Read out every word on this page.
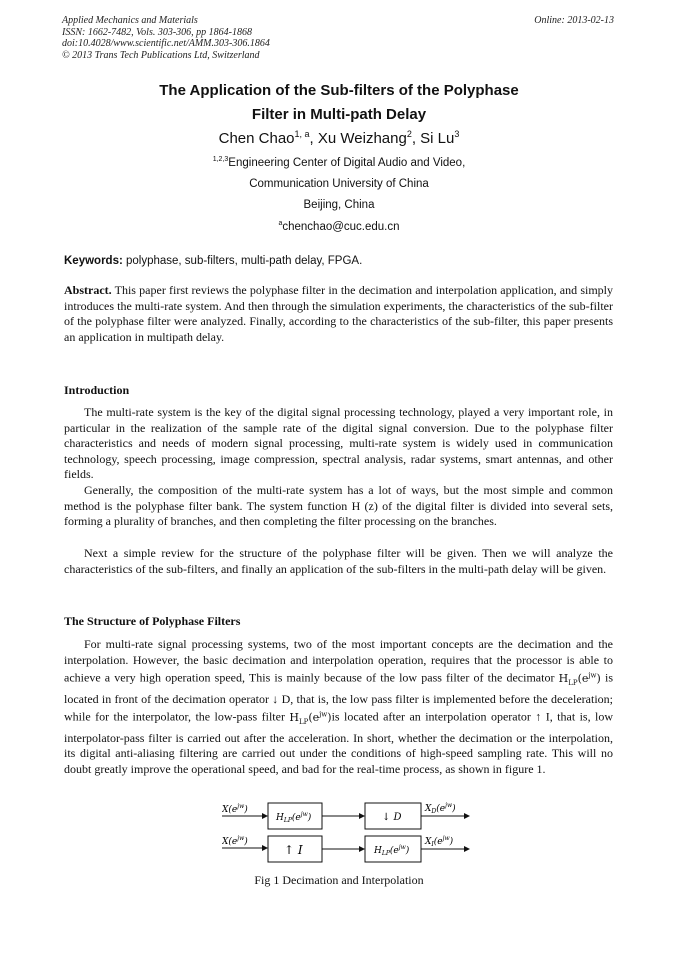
Applied Mechanics and Materials
ISSN: 1662-7482, Vols. 303-306, pp 1864-1868
doi:10.4028/www.scientific.net/AMM.303-306.1864
© 2013 Trans Tech Publications Ltd, Switzerland
Online: 2013-02-13
The Application of the Sub-filters of the Polyphase
Filter in Multi-path Delay
Chen Chao$^{1, a}$, Xu Weizhang$^2$, Si Lu$^3$
$^{1,2,3}$Engineering Center of Digital Audio and Video,
Communication University of China
Beijing, China
$^a$chenchao@cuc.edu.cn
Keywords: polyphase, sub-filters, multi-path delay, FPGA.

Abstract. This paper first reviews the polyphase filter in the decimation and interpolation application, and simply introduces the multi-rate system. And then through the simulation experiments, the characteristics of the sub-filter of the polyphase filter were analyzed. Finally, according to the characteristics of the sub-filter, this paper presents an application in multipath delay.

Introduction

The multi-rate system is the key of the digital signal processing technology, played a very important role, in particular in the realization of the sample rate of the digital signal conversion. Due to the polyphase filter characteristics and needs of modern signal processing, multi-rate system is widely used in communication technology, speech processing, image compression, spectral analysis, radar systems, smart antennas, and other fields.

Generally, the composition of the multi-rate system has a lot of ways, but the most simple and common method is the polyphase filter bank. The system function H (z) of the digital filter is divided into several sets, forming a plurality of branches, and then completing the filter processing on the branches.

Next a simple review for the structure of the polyphase filter will be given. Then we will analyze the characteristics of the sub-filters, and finally an application of the sub-filters in the multi-path delay will be given.

The Structure of Polyphase Filters

For multi-rate signal processing systems, two of the most important concepts are the decimation and the interpolation. However, the basic decimation and interpolation operation, requires that the processor is able to achieve a very high operation speed, This is mainly because of the low pass filter of the decimator $H_{LP}(e^{jw})$ is located in front of the decimation operator ↓ D, that is, the low pass filter is implemented before the deceleration; while for the interpolator, the low-pass filter $H_{LP}(e^{jw})is$ located after an interpolation operator ↑ I, that is, low interpolator-pass filter is carried out after the acceleration. In short, whether the decimation or the interpolation, its digital anti-aliasing filtering are carried out under the conditions of high-speed sampling rate. This will no doubt greatly improve the operational speed, and bad for the real-time process, as shown in figure 1.

$X(e^{jw})$
$H_{LP}(e^{jw})$	↓ D
$X_D(e^{jw})$
$X(e^{jw})$
↑ I	$H_{LP}(e^{jw})$
$X_I(e^{jw})$
Fig 1 Decimation and Interpolation
